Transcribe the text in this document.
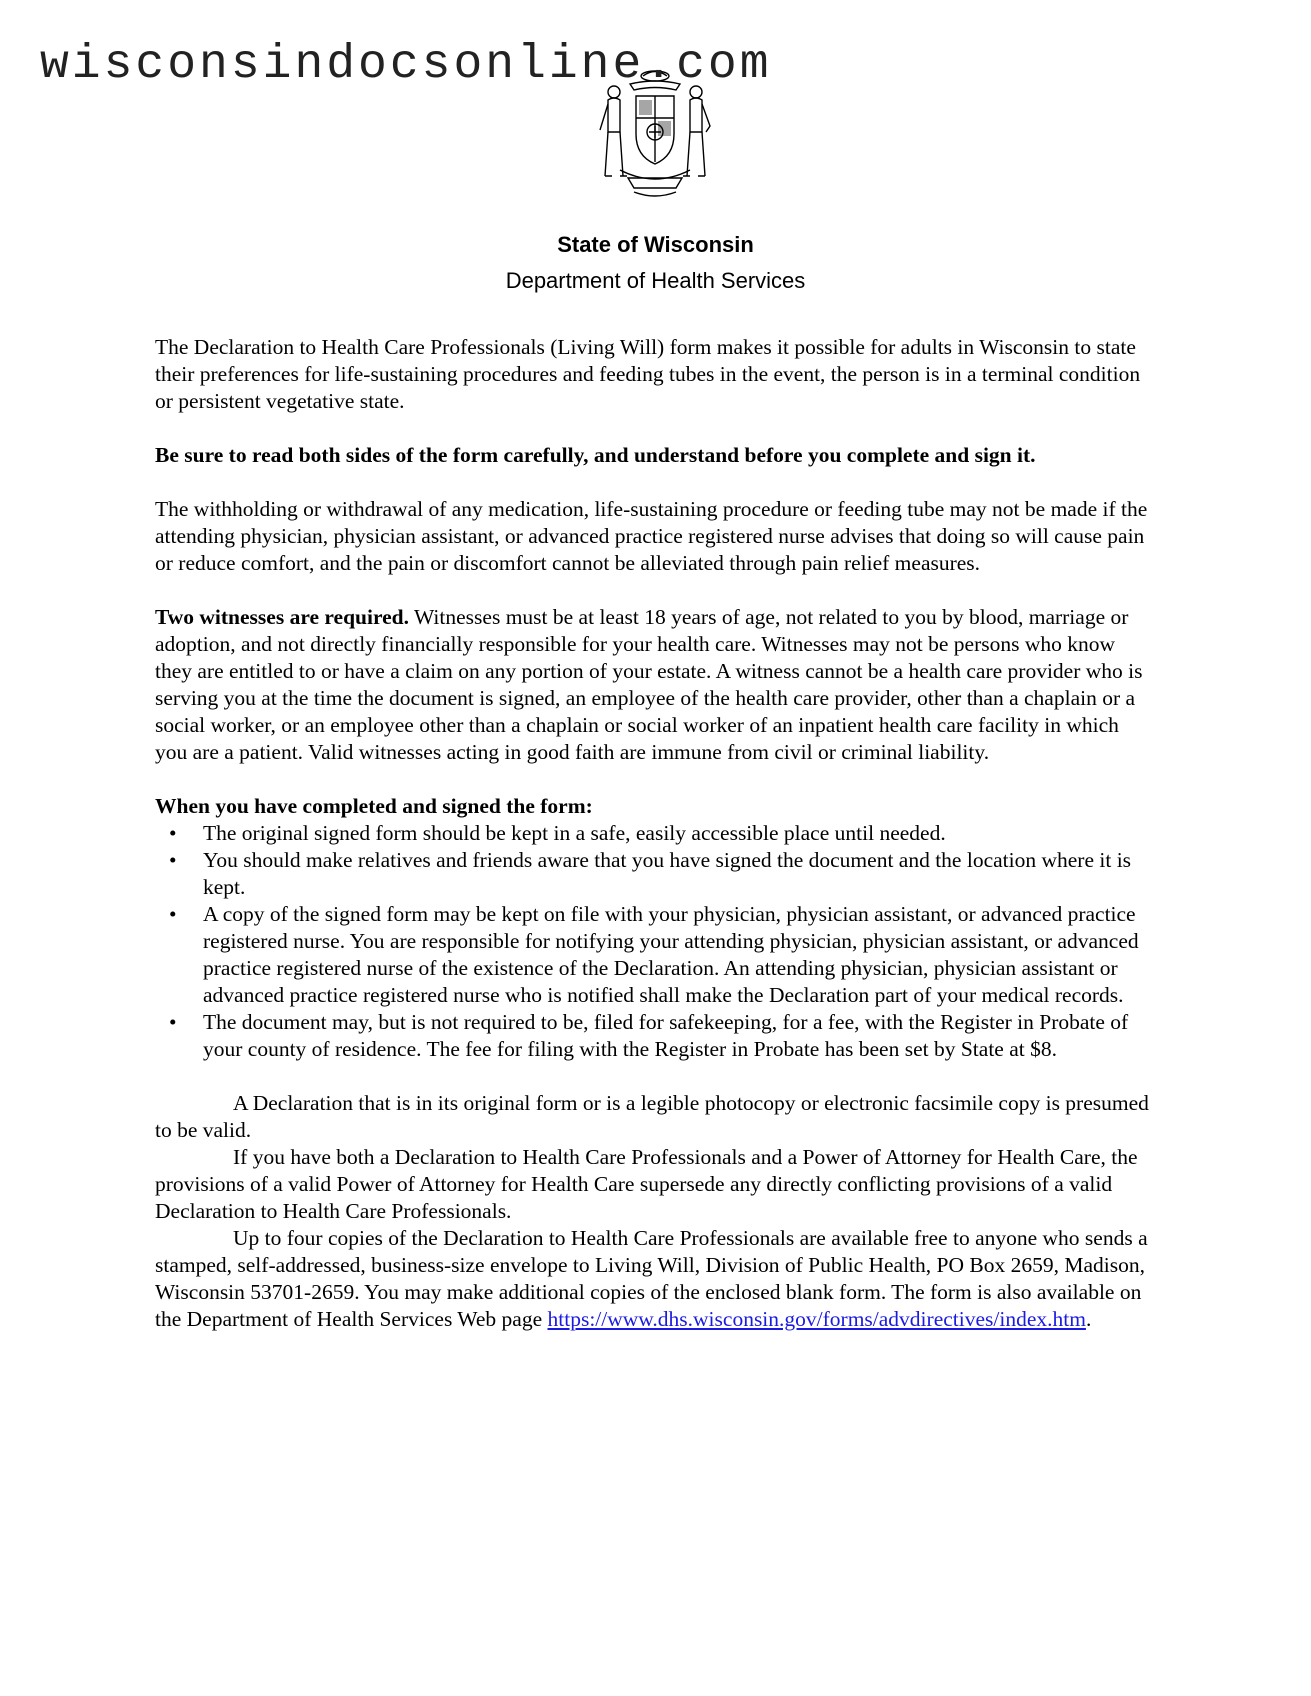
wisconsindocsonline.com
State of Wisconsin
Department of Health Services

The Declaration to Health Care Professionals (Living Will) form makes it possible for adults in Wisconsin to state their preferences for life-sustaining procedures and feeding tubes in the event, the person is in a terminal condition or persistent vegetative state.

Be sure to read both sides of the form carefully, and understand before you complete and sign it.

The withholding or withdrawal of any medication, life-sustaining procedure or feeding tube may not be made if the attending physician, physician assistant, or advanced practice registered nurse advises that doing so will cause pain or reduce comfort, and the pain or discomfort cannot be alleviated through pain relief measures.

Two witnesses are required. Witnesses must be at least 18 years of age, not related to you by blood, marriage or adoption, and not directly financially responsible for your health care. Witnesses may not be persons who know they are entitled to or have a claim on any portion of your estate. A witness cannot be a health care provider who is serving you at the time the document is signed, an employee of the health care provider, other than a chaplain or a social worker, or an employee other than a chaplain or social worker of an inpatient health care facility in which you are a patient. Valid witnesses acting in good faith are immune from civil or criminal liability.

When you have completed and signed the form:
• The original signed form should be kept in a safe, easily accessible place until needed.
• You should make relatives and friends aware that you have signed the document and the location where it is kept.
• A copy of the signed form may be kept on file with your physician, physician assistant, or advanced practice registered nurse. You are responsible for notifying your attending physician, physician assistant, or advanced practice registered nurse of the existence of the Declaration. An attending physician, physician assistant or advanced practice registered nurse who is notified shall make the Declaration part of your medical records.
• The document may, but is not required to be, filed for safekeeping, for a fee, with the Register in Probate of your county of residence. The fee for filing with the Register in Probate has been set by State at $8.

A Declaration that is in its original form or is a legible photocopy or electronic facsimile copy is presumed to be valid.

If you have both a Declaration to Health Care Professionals and a Power of Attorney for Health Care, the provisions of a valid Power of Attorney for Health Care supersede any directly conflicting provisions of a valid Declaration to Health Care Professionals.

Up to four copies of the Declaration to Health Care Professionals are available free to anyone who sends a stamped, self-addressed, business-size envelope to Living Will, Division of Public Health, PO Box 2659, Madison, Wisconsin 53701-2659. You may make additional copies of the enclosed blank form. The form is also available on the Department of Health Services Web page https://www.dhs.wisconsin.gov/forms/advdirectives/index.htm.
